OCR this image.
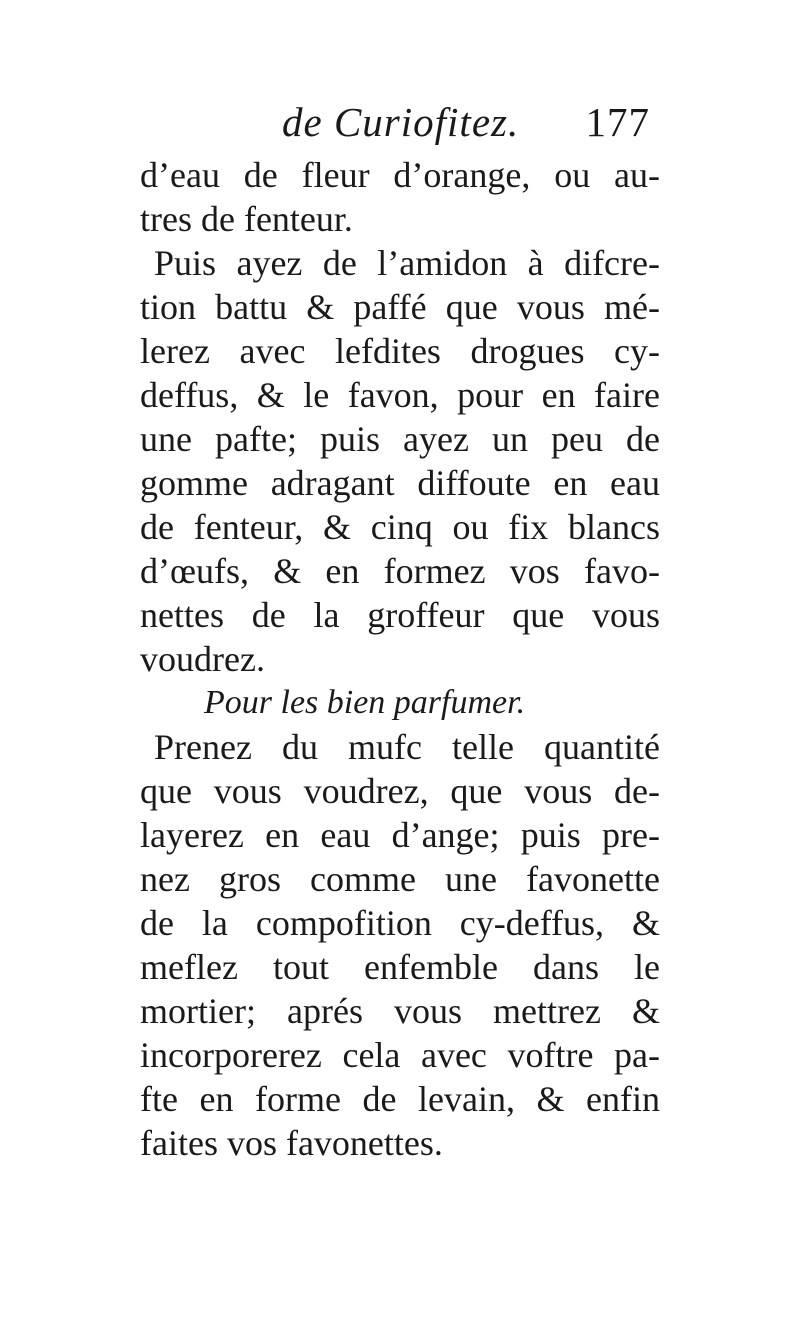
de Curiofitez. 177
d’eau de fleur d’orange, ou au-
tres de fenteur.
Puis ayez de l’amidon à difcre-
tion battu & paffé que vous mé-
lerez avec lefdites drogues cy-
deffus, & le favon, pour en faire
une pafte; puis ayez un peu de
gomme adragant diffoute en eau
de fenteur, & cinq ou fix blancs
d’œufs, & en formez vos favo-
nettes de la groffeur que vous
voudrez.
Pour les bien parfumer.
Prenez du mufc telle quantité
que vous voudrez, que vous de-
layerez en eau d’ange; puis pre-
nez gros comme une favonette
de la compofition cy-deffus, &
meflez tout enfemble dans le
mortier; aprés vous mettrez &
incorporerez cela avec voftre pa-
fte en forme de levain, & enfin
faites vos favonettes.
